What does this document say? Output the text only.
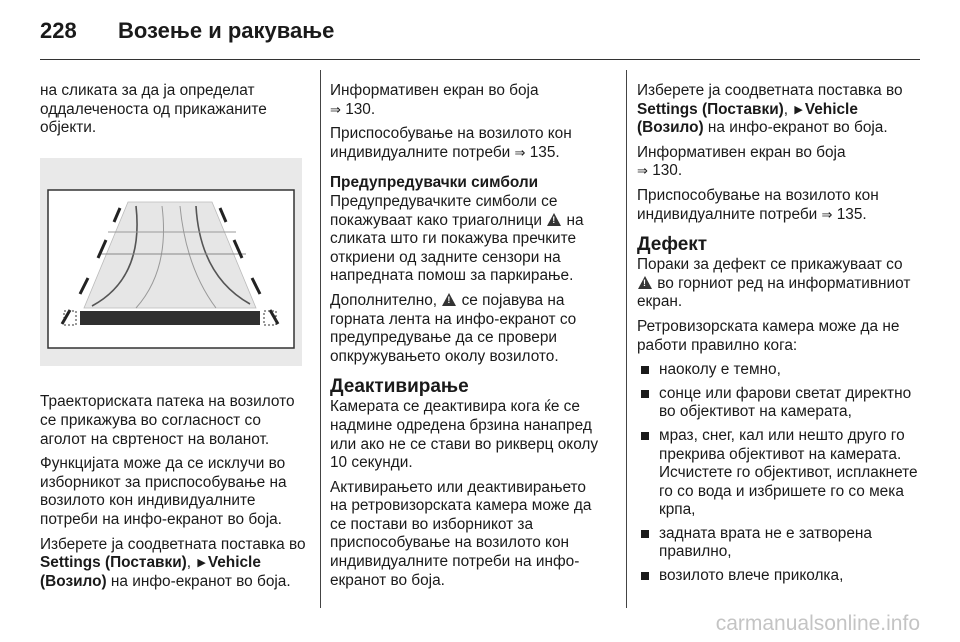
228 Возење и ракување

на сликата за да ја определат оддалеченоста од прикажаните објекти.

Траекториската патека на возилото се прикажува во согласност со аголот на свртеност на воланот.

Функцијата може да се исклучи во изборникот за приспособување на возилото кон индивидуалните потреби на инфо-екранот во боја.

Изберете ја соодветната поставка во Settings (Поставки), ▶ Vehicle (Возило) на инфо-екранот во боја.

Информативен екран во боја
⇒ 130.

Приспособување на возилото кон индивидуалните потреби ⇒ 135.

Предупредувачки симболи

Предупредувачките симболи се покажуваат како триаголници ! на сликата што ги покажува пречките откриени од задните сензори на напредната помош за паркирање.

Дополнително, ! се појавува на горната лента на инфо-екранот со предупредување да се провери опкружувањето околу возилото.

Деактивирање

Камерата се деактивира кога ќе се надмине одредена брзина нанапред или ако не се стави во рикверц околу 10 секунди.

Активирањето или деактивирањето на ретровизорската камера може да се постави во изборникот за приспособување на возилото кон индивидуалните потреби на инфо-екранот во боја.

Изберете ја соодветната поставка во Settings (Поставки), ▶ Vehicle (Возило) на инфо-екранот во боја.

Информативен екран во боја
⇒ 130.

Приспособување на возилото кон индивидуалните потреби ⇒ 135.

Дефект

Пораки за дефект се прикажуваат со ! во горниот ред на информативниот екран.

Ретровизорската камера може да не работи правилно кога:

наоколу е темно,
сонце или фарови светат директно во објективот на камерата,
мраз, снег, кал или нешто друго го прекрива објективот на камерата. Исчистете го објективот, исплакнете го со вода и избришете го со мека крпа,
задната врата не е затворена правилно,
возилото влече приколка,
carmanualsonline.info
